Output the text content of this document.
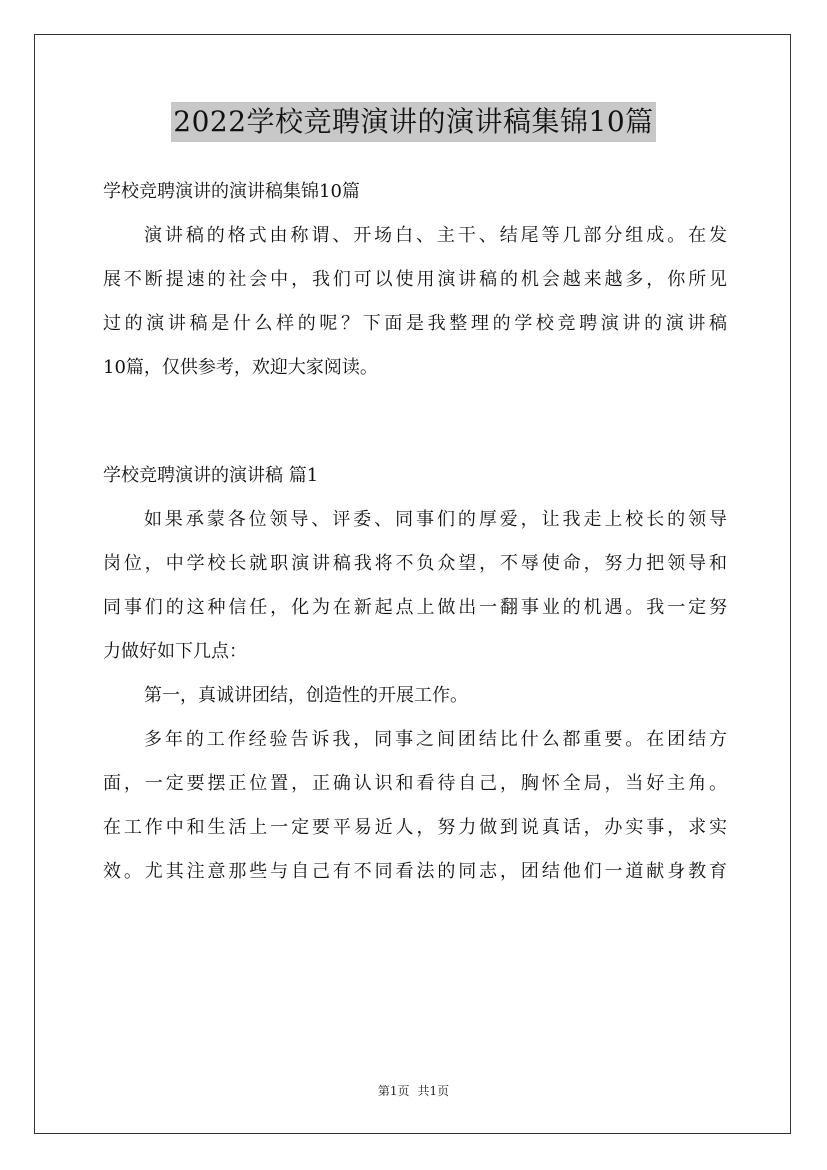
2022学校竞聘演讲的演讲稿集锦10篇
学校竞聘演讲的演讲稿集锦10篇
演讲稿的格式由称谓、开场白、主干、结尾等几部分组成。在发
展不断提速的社会中，我们可以使用演讲稿的机会越来越多，你所见
过的演讲稿是什么样的呢？下面是我整理的学校竞聘演讲的演讲稿
10篇，仅供参考，欢迎大家阅读。
学校竞聘演讲的演讲稿 篇1
如果承蒙各位领导、评委、同事们的厚爱，让我走上校长的领导
岗位，中学校长就职演讲稿我将不负众望，不辱使命，努力把领导和
同事们的这种信任，化为在新起点上做出一翻事业的机遇。我一定努
力做好如下几点：
第一，真诚讲团结，创造性的开展工作。
多年的工作经验告诉我，同事之间团结比什么都重要。在团结方
面，一定要摆正位置，正确认识和看待自己，胸怀全局，当好主角。
在工作中和生活上一定要平易近人，努力做到说真话，办实事，求实
效。尤其注意那些与自己有不同看法的同志，团结他们一道献身教育
第1页 共1页
